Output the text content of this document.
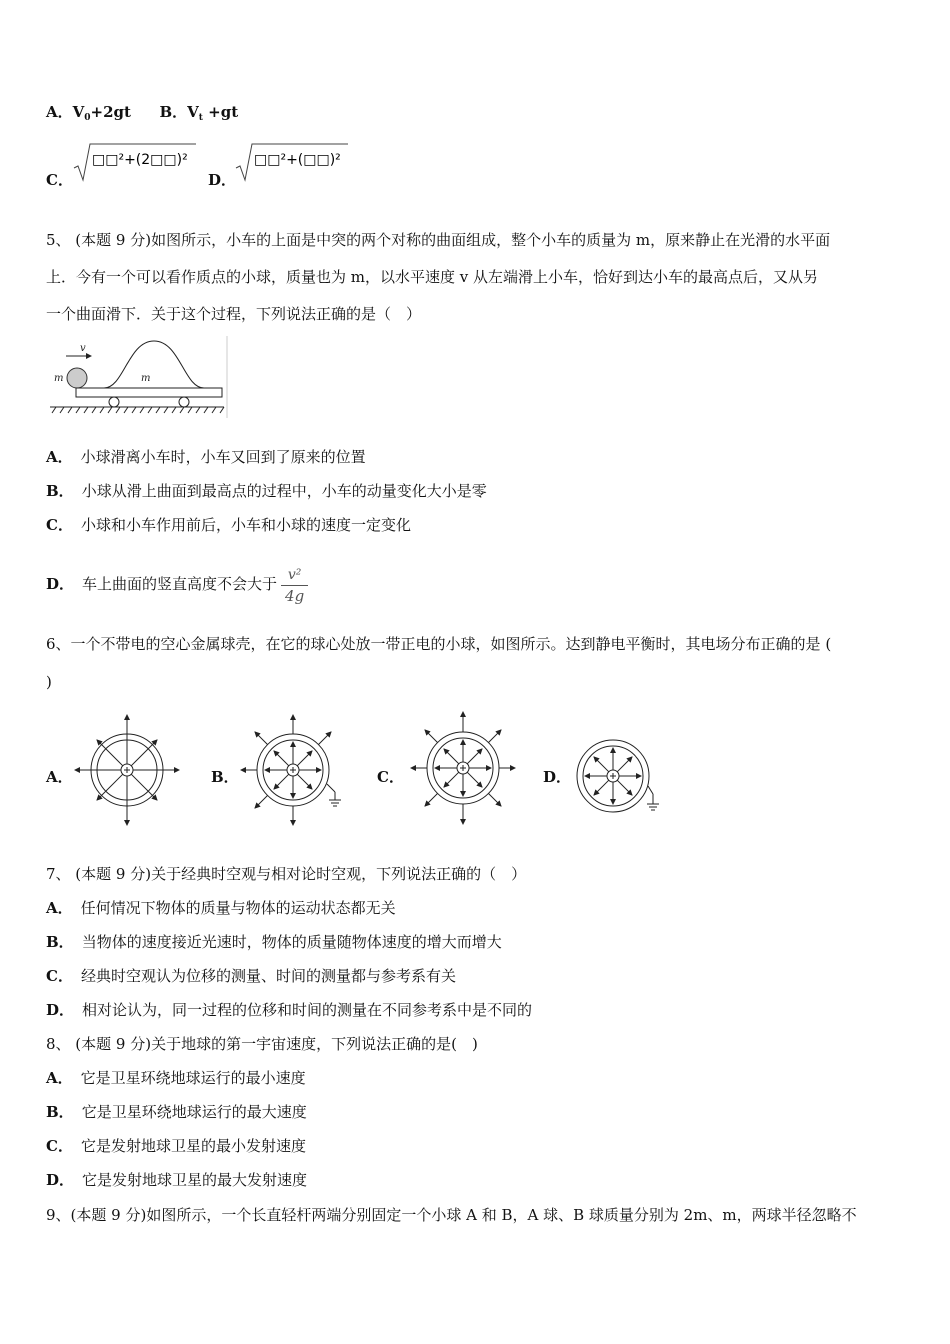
A．$V_0+2gt$ B．$V_t +gt$
C．
□□²+(2□□)²
D．
□□²+(□□)²
5、 (本题 9 分)如图所示，小车的上面是中突的两个对称的曲面组成，整个小车的质量为 m，原来静止在光滑的水平面
上．今有一个可以看作质点的小球，质量也为 m，以水平速度 v 从左端滑上小车，恰好到达小车的最高点后，又从另
一个曲面滑下．关于这个过程，下列说法正确的是（　）
v
m	m
A． 小球滑离小车时，小车又回到了原来的位置
B． 小球从滑上曲面到最高点的过程中，小车的动量变化大小是零
C． 小球和小车作用前后，小车和小球的速度一定变化
D． 车上曲面的竖直高度不会大于 $\frac{\text{v²}}{4g}$
6、一个不带电的空心金属球壳，在它的球心处放一带正电的小球，如图所示。达到静电平衡时，其电场分布正确的是 (
)
A．	B．	C．	D．
7、 (本题 9 分)关于经典时空观与相对论时空观，下列说法正确的（　）
A． 任何情况下物体的质量与物体的运动状态都无关
B． 当物体的速度接近光速时，物体的质量随物体速度的增大而增大
C． 经典时空观认为位移的测量、时间的测量都与参考系有关
D． 相对论认为，同一过程的位移和时间的测量在不同参考系中是不同的
8、 (本题 9 分)关于地球的第一宇宙速度，下列说法正确的是(　)
A． 它是卫星环绕地球运行的最小速度
B． 它是卫星环绕地球运行的最大速度
C． 它是发射地球卫星的最小发射速度
D． 它是发射地球卫星的最大发射速度
9、(本题 9 分)如图所示，一个长直轻杆两端分别固定一个小球 A 和 B，A 球、B 球质量分别为 2m、m，两球半径忽略不
